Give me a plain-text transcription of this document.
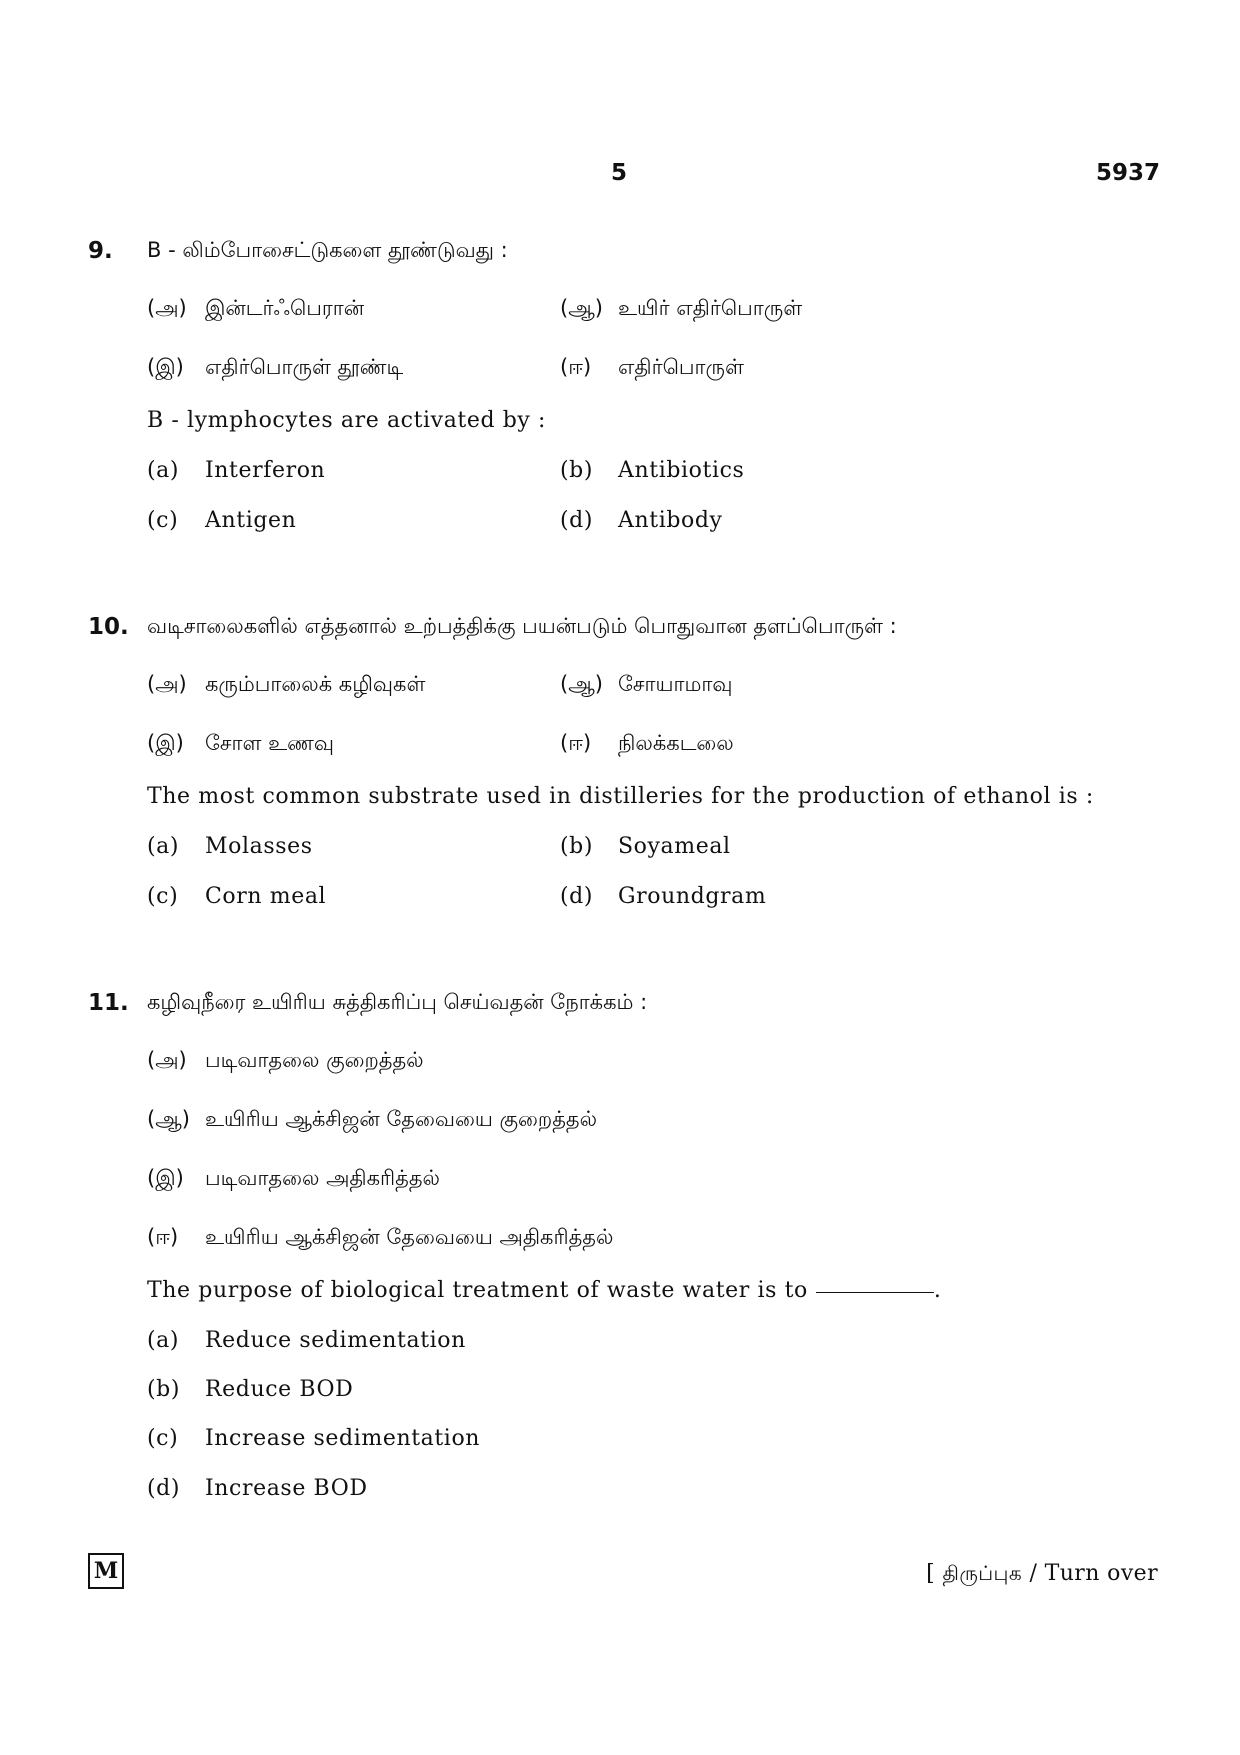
5	5937
9. B - லிம்போசைட்டுகளை தூண்டுவது :
(அ) இன்டர்ஃபெரான்	(ஆ) உயிர் எதிர்பொருள்
(இ) எதிர்பொருள் தூண்டி	(ஈ) எதிர்பொருள்
B - lymphocytes are activated by :
(a) Interferon	(b) Antibiotics
(c) Antigen	(d) Antibody
10. வடிசாலைகளில் எத்தனால் உற்பத்திக்கு பயன்படும் பொதுவான தளப்பொருள் :
(அ) கரும்பாலைக் கழிவுகள்	(ஆ) சோயாமாவு
(இ) சோள உணவு	(ஈ) நிலக்கடலை
The most common substrate used in distilleries for the production of ethanol is :
(a) Molasses	(b) Soyameal
(c) Corn meal	(d) Groundgram
11. கழிவுநீரை உயிரிய சுத்திகரிப்பு செய்வதன் நோக்கம் :
(அ) படிவாதலை குறைத்தல்
(ஆ) உயிரிய ஆக்சிஜன் தேவையை குறைத்தல்
(இ) படிவாதலை அதிகரித்தல்
(ஈ) உயிரிய ஆக்சிஜன் தேவையை அதிகரித்தல்
The purpose of biological treatment of waste water is to	.
(a) Reduce sedimentation
(b) Reduce BOD
(c) Increase sedimentation
(d) Increase BOD
M	[ திருப்புக / Turn over
